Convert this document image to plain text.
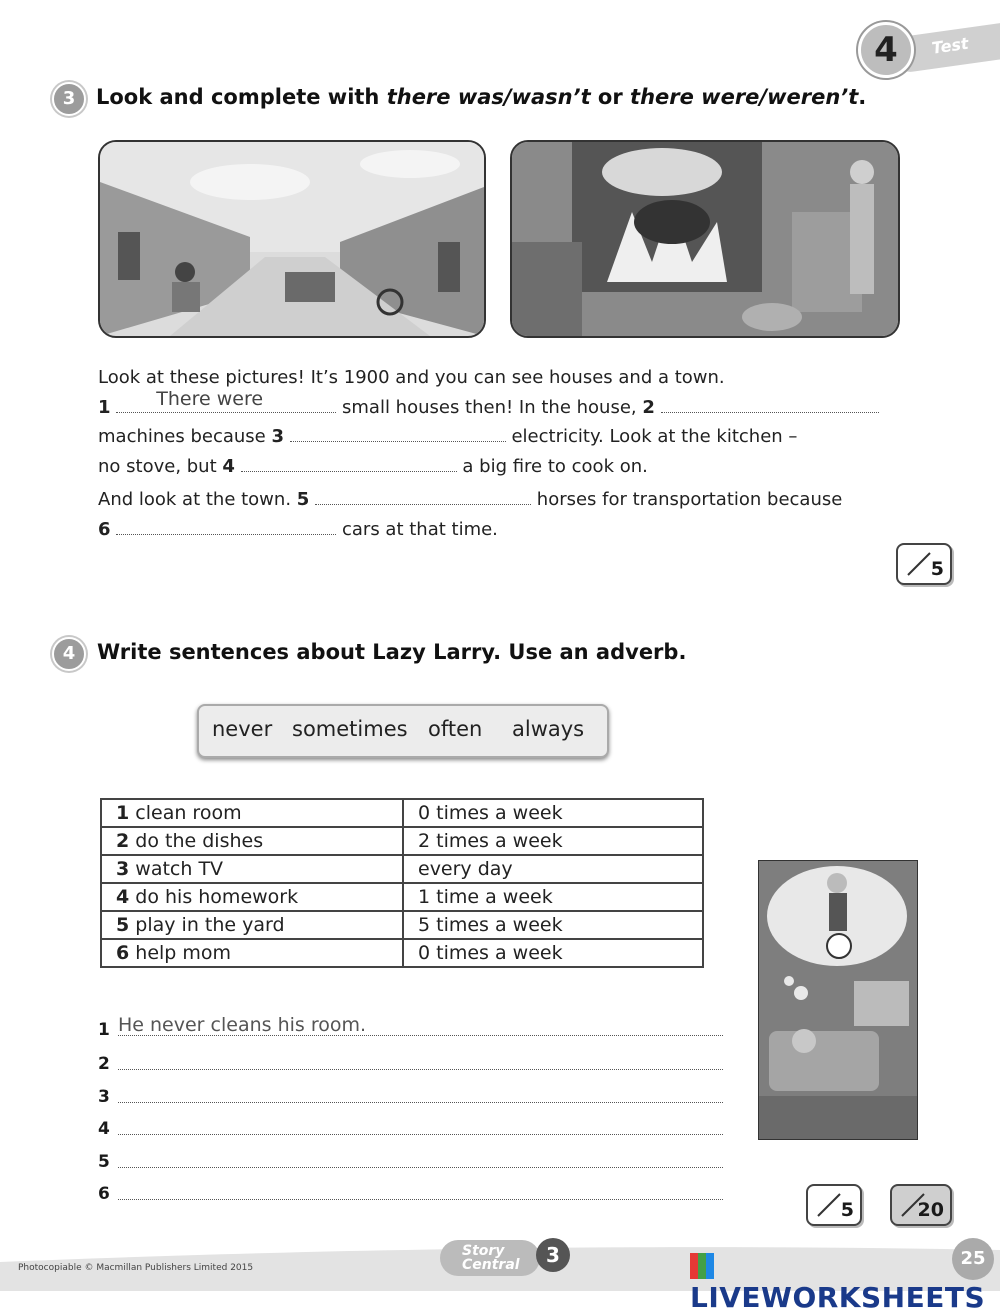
Test
4
3 Look and complete with there was/wasn’t or there were/weren’t.
Look at these pictures! It’s 1900 and you can see houses and a town.
1 There were	small houses then! In the house, 2
machines because 3	electricity. Look at the kitchen –
no stove, but 4	a big fire to cook on.
And look at the town. 5	horses for transportation because
6	cars at that time.
5
4	Write sentences about Lazy Larry. Use an adverb.
never sometimes often always
1 clean room	0 times a week
2 do the dishes	2 times a week
3 watch TV	every day
4 do his homework	1 time a week
5 play in the yard	5 times a week
6 help mom	0 times a week
1 He never cleans his room.
2
3
4
5
6
5	20
Photocopiable © Macmillan Publishers Limited 2015
Story Central	3
LIVEWORKSHEETS
25
